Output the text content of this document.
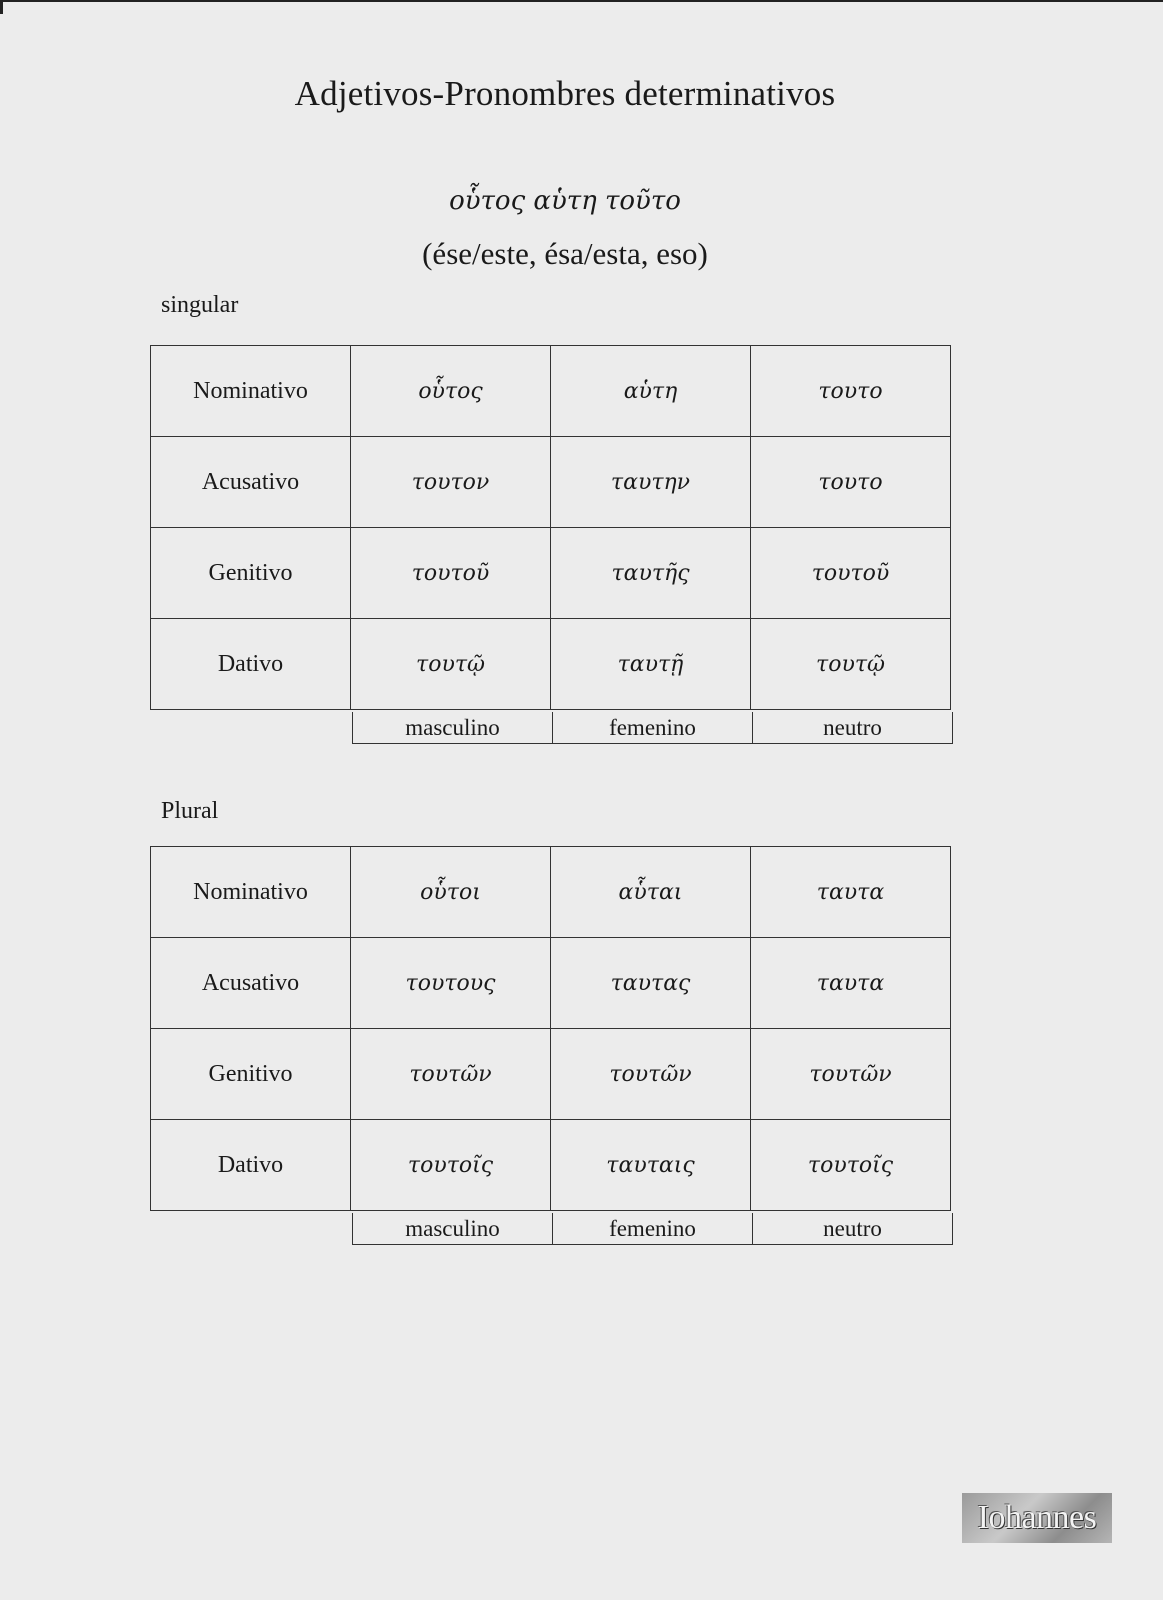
Adjetivos-Pronombres determinativos
οὗτος αὑτη τοῦτο
(ése/este, ésa/esta, eso)
singular
Nominativo	οὗτος	αὑτη	τουτο
Acusativo	τουτον	ταυτην	τουτο
Genitivo	τουτοῦ	ταυτῆς	τουτοῦ
Dativo	τουτῷ	ταυτῇ	τουτῷ
masculino	femenino	neutro
Plural
Nominativo	οὗτοι	αὗται	ταυτα
Acusativo	τουτους	ταυτας	ταυτα
Genitivo	τουτῶν	τουτῶν	τουτῶν
Dativo	τουτοῖς	ταυταις	τουτοῖς
masculino	femenino	neutro
Iohannes
